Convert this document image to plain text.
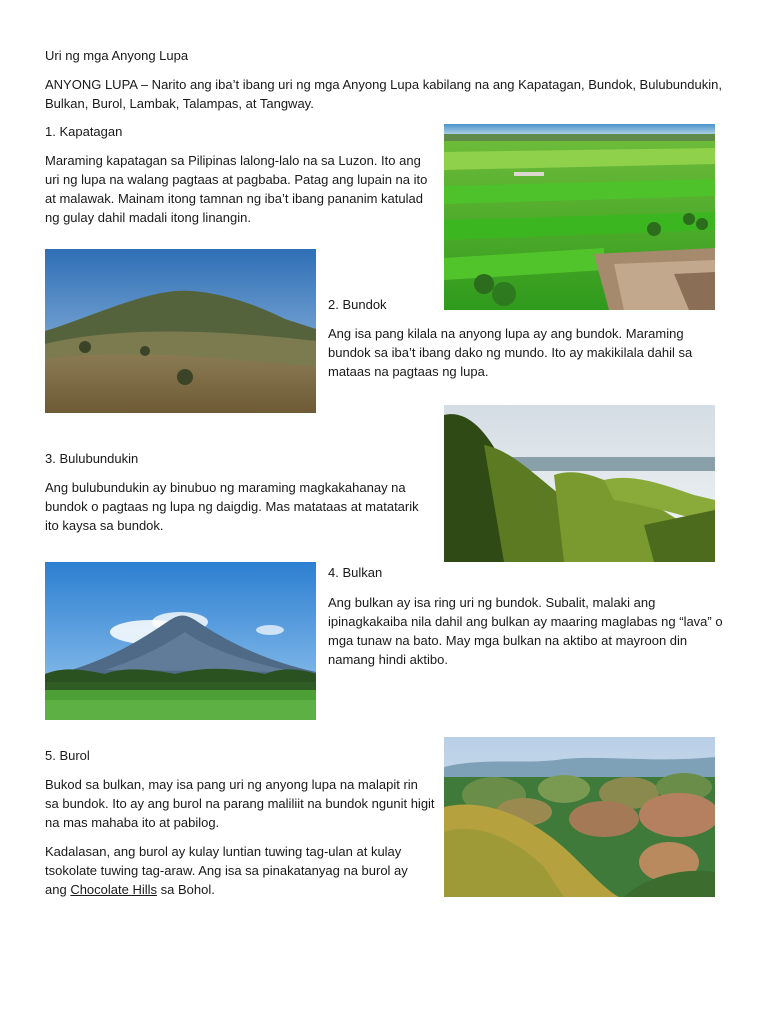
Uri ng mga Anyong Lupa

ANYONG LUPA – Narito ang iba’t ibang uri ng mga Anyong Lupa kabilang na ang Kapatagan, Bundok, Bulubundukin, Bulkan, Burol, Lambak, Talampas, at Tangway.

1. Kapatagan

Maraming kapatagan sa Pilipinas lalong-lalo na sa Luzon. Ito ang uri ng lupa na walang pagtaas at pagbaba. Patag ang lupain na ito at malawak. Mainam itong tamnan ng iba’t ibang pananim katulad ng gulay dahil madali itong linangin.

2. Bundok

Ang isa pang kilala na anyong lupa ay ang bundok. Maraming bundok sa iba’t ibang dako ng mundo. Ito ay makikilala dahil sa mataas na pagtaas ng lupa.

3. Bulubundukin

Ang bulubundukin ay binubuo ng maraming magkakahanay na bundok o pagtaas ng lupa ng daigdig. Mas matataas at matatarik ito kaysa sa bundok.

4. Bulkan

Ang bulkan ay isa ring uri ng bundok. Subalit, malaki ang ipinagkakaiba nila dahil ang bulkan ay maaring maglabas ng “lava” o mga tunaw na bato. May mga bulkan na aktibo at mayroon din namang hindi aktibo.

5. Burol

Bukod sa bulkan, may isa pang uri ng anyong lupa na malapit rin sa bundok. Ito ay ang burol na parang maliliit na bundok ngunit higit na mas mahaba ito at pabilog.

Kadalasan, ang burol ay kulay luntian tuwing tag-ulan at kulay tsokolate tuwing tag-araw. Ang isa sa pinakatanyag na burol ay ang Chocolate Hills sa Bohol.
